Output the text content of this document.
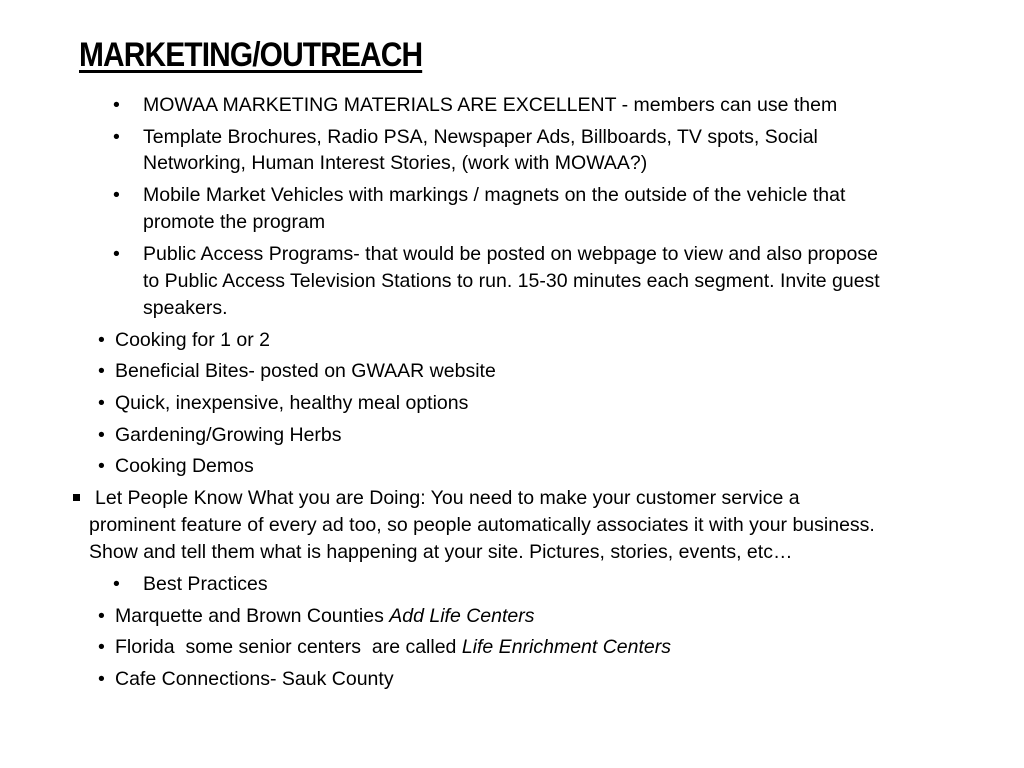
MARKETING/OUTREACH
• MOWAA MARKETING MATERIALS ARE EXCELLENT - members can use them
• Template Brochures, Radio PSA, Newspaper Ads, Billboards, TV spots, Social
Networking, Human Interest Stories, (work with MOWAA?)
• Mobile Market Vehicles with markings / magnets on the outside of the vehicle that
promote the program
• Public Access Programs- that would be posted on webpage to view and also propose
to Public Access Television Stations to run. 15-30 minutes each segment. Invite guest
speakers.
• Cooking for 1 or 2
• Beneficial Bites- posted on GWAAR website
• Quick, inexpensive, healthy meal options
• Gardening/Growing Herbs
• Cooking Demos
Let People Know What you are Doing: You need to make your customer service a
prominent feature of every ad too, so people automatically associates it with your business.
Show and tell them what is happening at your site. Pictures, stories, events, etc…
• Best Practices
• Marquette and Brown Counties Add Life Centers
• Florida  some senior centers  are called Life Enrichment Centers
• Cafe Connections- Sauk County
